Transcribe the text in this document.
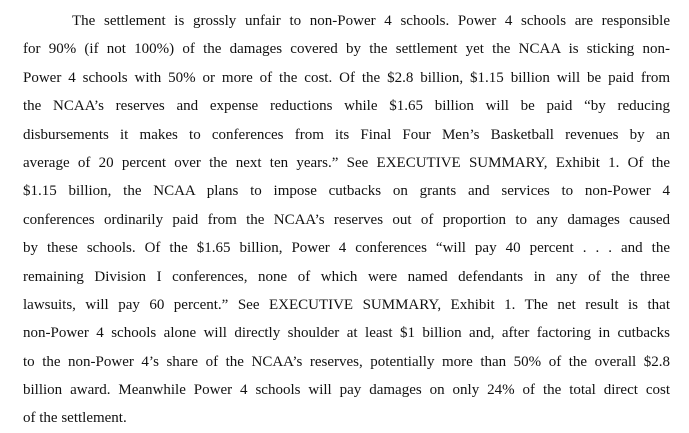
The settlement is grossly unfair to non-Power 4 schools. Power 4 schools are responsible
for 90% (if not 100%) of the damages covered by the settlement yet the NCAA is sticking non-
Power 4 schools with 50% or more of the cost. Of the $2.8 billion, $1.15 billion will be paid from
the NCAA’s reserves and expense reductions while $1.65 billion will be paid “by reducing
disbursements it makes to conferences from its Final Four Men’s Basketball revenues by an
average of 20 percent over the next ten years.” See EXECUTIVE SUMMARY, Exhibit 1. Of the
$1.15 billion, the NCAA plans to impose cutbacks on grants and services to non-Power 4
conferences ordinarily paid from the NCAA’s reserves out of proportion to any damages caused
by these schools. Of the $1.65 billion, Power 4 conferences “will pay 40 percent . . . and the
remaining Division I conferences, none of which were named defendants in any of the three
lawsuits, will pay 60 percent.” See EXECUTIVE SUMMARY, Exhibit 1. The net result is that
non-Power 4 schools alone will directly shoulder at least $1 billion and, after factoring in cutbacks
to the non-Power 4’s share of the NCAA’s reserves, potentially more than 50% of the overall $2.8
billion award. Meanwhile Power 4 schools will pay damages on only 24% of the total direct cost
of the settlement.
